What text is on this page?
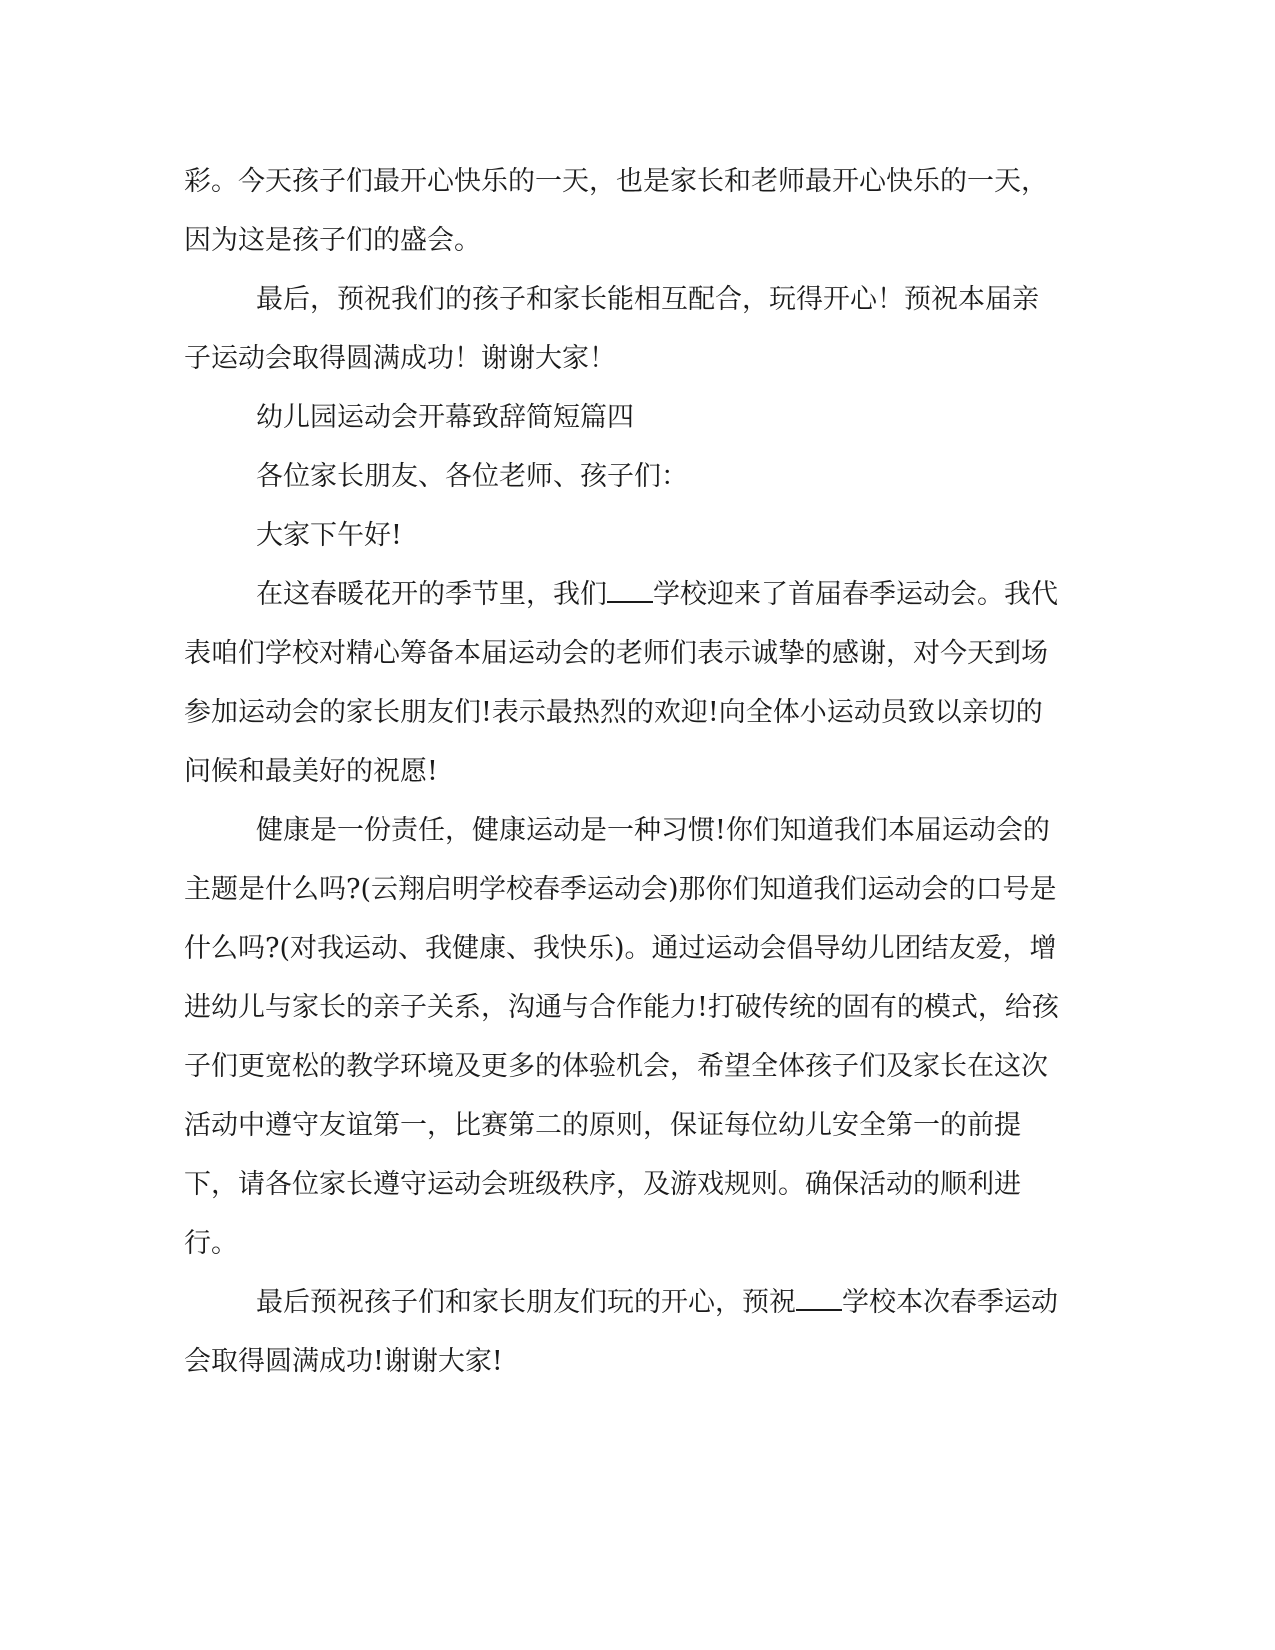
彩。今天孩子们最开心快乐的一天，也是家长和老师最开心快乐的一天，因为这是孩子们的盛会。

最后，预祝我们的孩子和家长能相互配合，玩得开心！预祝本届亲子运动会取得圆满成功！谢谢大家！

幼儿园运动会开幕致辞简短篇四

各位家长朋友、各位老师、孩子们：

大家下午好!

在这春暖花开的季节里，我们 学校迎来了首届春季运动会。我代表咱们学校对精心筹备本届运动会的老师们表示诚挚的感谢，对今天到场参加运动会的家长朋友们!表示最热烈的欢迎!向全体小运动员致以亲切的问候和最美好的祝愿!

健康是一份责任，健康运动是一种习惯!你们知道我们本届运动会的主题是什么吗?(云翔启明学校春季运动会)那你们知道我们运动会的口号是什么吗?(对我运动、我健康、我快乐)。通过运动会倡导幼儿团结友爱，增进幼儿与家长的亲子关系，沟通与合作能力!打破传统的固有的模式，给孩子们更宽松的教学环境及更多的体验机会，希望全体孩子们及家长在这次活动中遵守友谊第一，比赛第二的原则，保证每位幼儿安全第一的前提下，请各位家长遵守运动会班级秩序，及游戏规则。确保活动的顺利进行。

最后预祝孩子们和家长朋友们玩的开心，预祝 学校本次春季运动会取得圆满成功!谢谢大家!
